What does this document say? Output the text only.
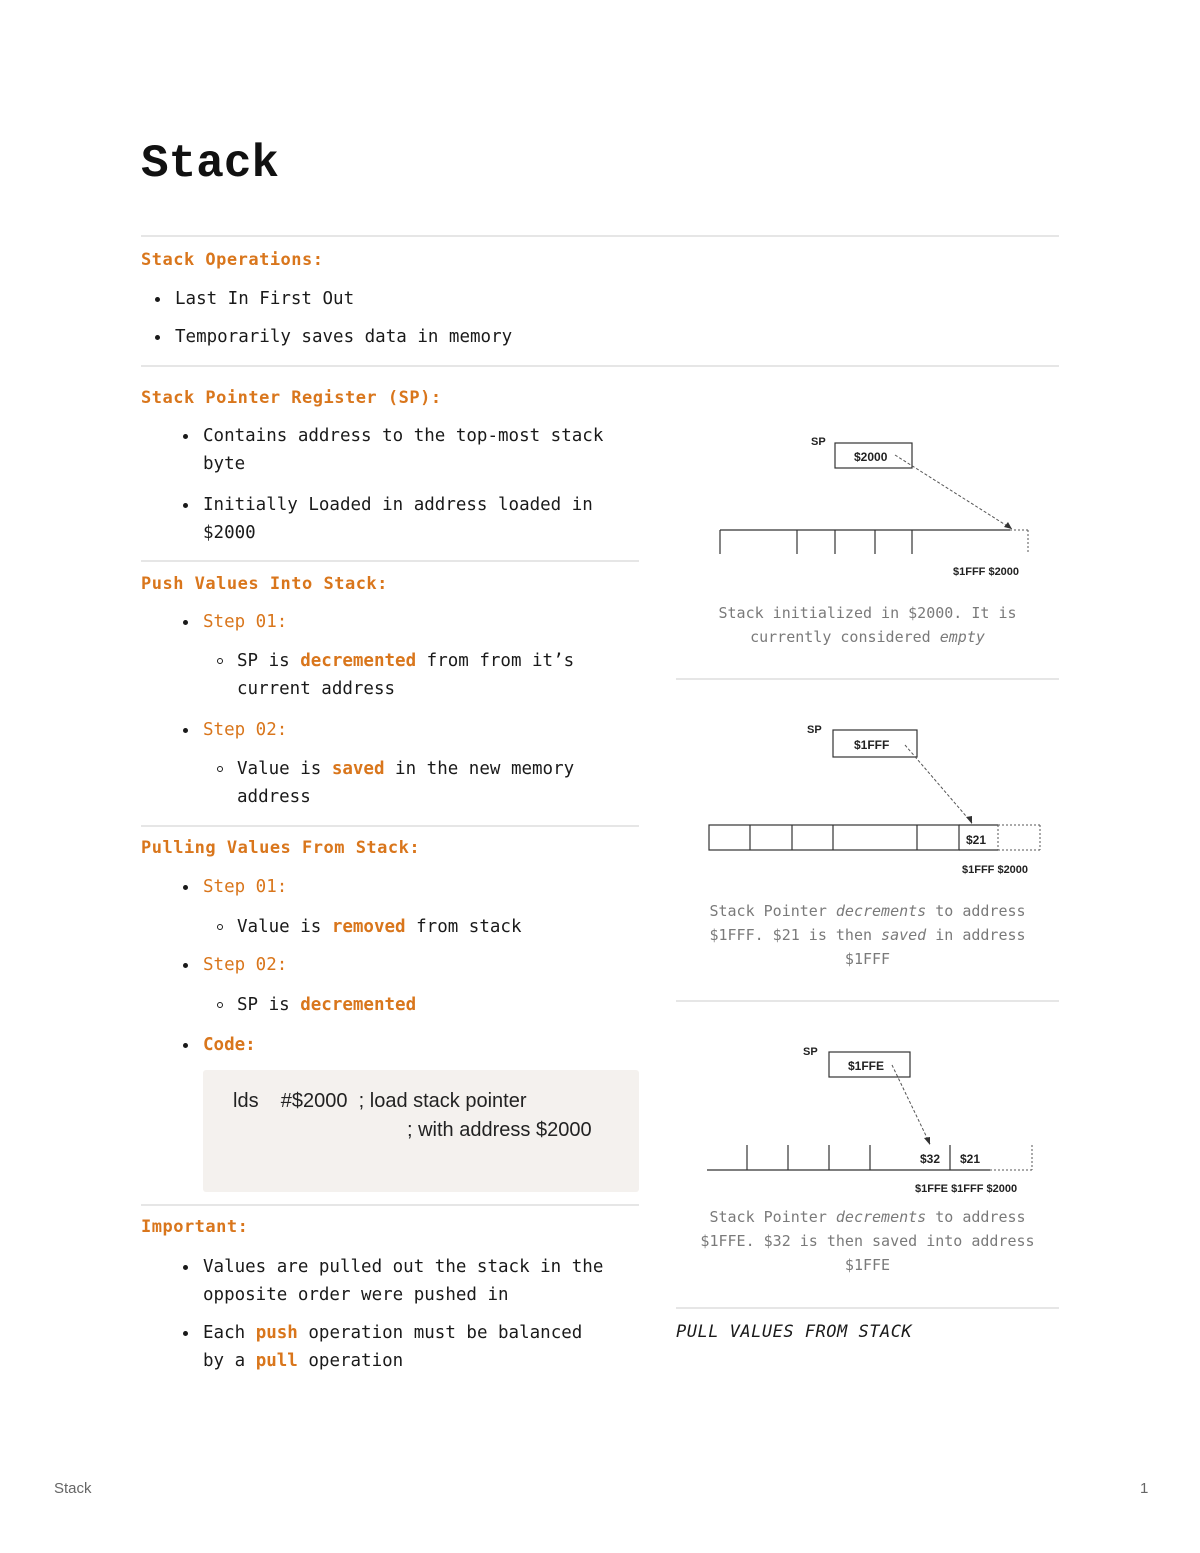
Stack
Stack Operations:
Last In First Out
Temporarily saves data in memory
Stack Pointer Register (SP):
Contains address to the top-most stack
byte
Initially Loaded in address loaded in
$2000
Push Values Into Stack:
Step 01:
SP is decremented from from it’s
current address
Step 02:
Value is saved in the new memory
address
Pulling Values From Stack:
Step 01:
Value is removed from stack
Step 02:
SP is decremented
Code:
lds    #$2000  ; load stack pointer
; with address $2000
Important:
Values are pulled out the stack in the
opposite order were pushed in
Each push operation must be balanced
by a pull operation
SP
$2000
$1FFF $2000
Stack initialized in $2000. It is
currently considered empty
SP
$1FFF
$21
$1FFF $2000
Stack Pointer decrements to address
$1FFF. $21 is then saved in address
$1FFF
SP
$1FFE
$32 $21
$1FFE $1FFF $2000
Stack Pointer decrements to address
$1FFE. $32 is then saved into address
$1FFE
PULL VALUES FROM STACK
Stack	1
